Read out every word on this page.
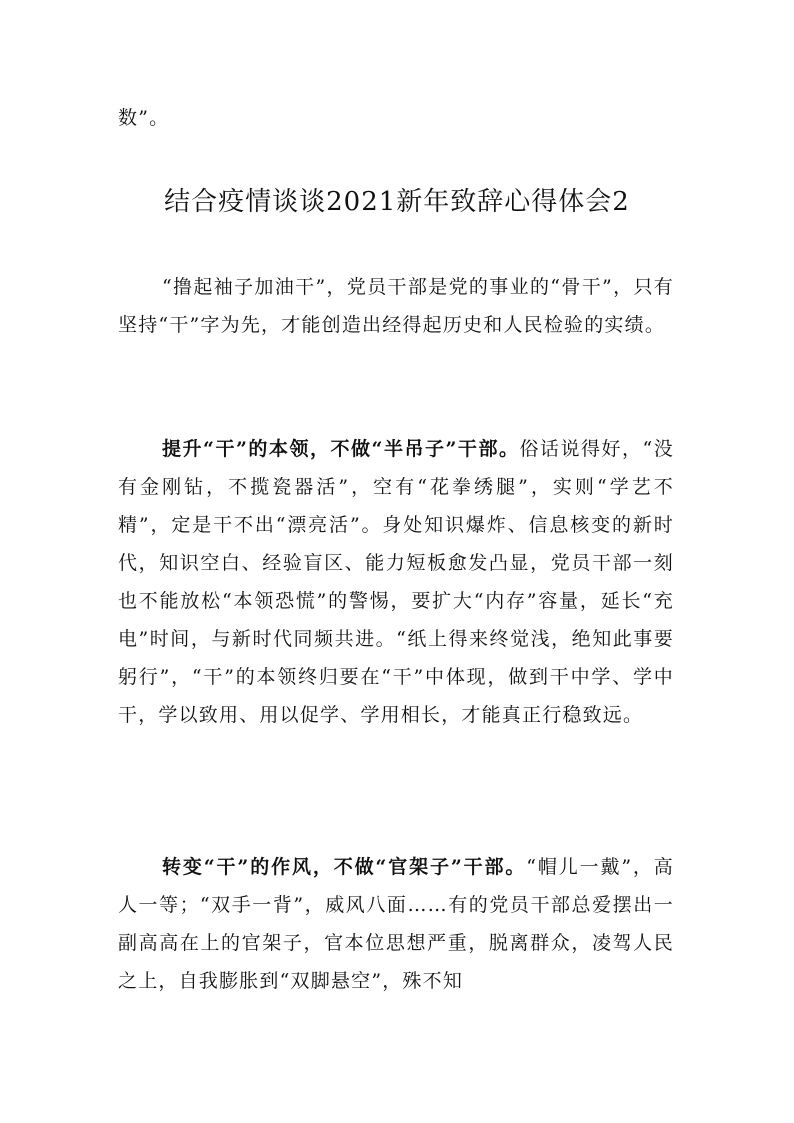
数”。

结合疫情谈谈2021新年致辞心得体会2

“撸起袖子加油干”，党员干部是党的事业的“骨干”，只有坚持“干”字为先，才能创造出经得起历史和人民检验的实绩。

提升“干”的本领，不做“半吊子”干部。俗话说得好，“没有金刚钻，不揽瓷器活”，空有“花拳绣腿”，实则“学艺不精”，定是干不出“漂亮活”。身处知识爆炸、信息核变的新时代，知识空白、经验盲区、能力短板愈发凸显，党员干部一刻也不能放松“本领恐慌”的警惕，要扩大“内存”容量，延长“充电”时间，与新时代同频共进。“纸上得来终觉浅，绝知此事要躬行”，“干”的本领终归要在“干”中体现，做到干中学、学中干，学以致用、用以促学、学用相长，才能真正行稳致远。

转变“干”的作风，不做“官架子”干部。“帽儿一戴”，高人一等；“双手一背”，威风八面……有的党员干部总爱摆出一副高高在上的官架子，官本位思想严重，脱离群众，凌驾人民之上，自我膨胀到“双脚悬空”，殊不知
